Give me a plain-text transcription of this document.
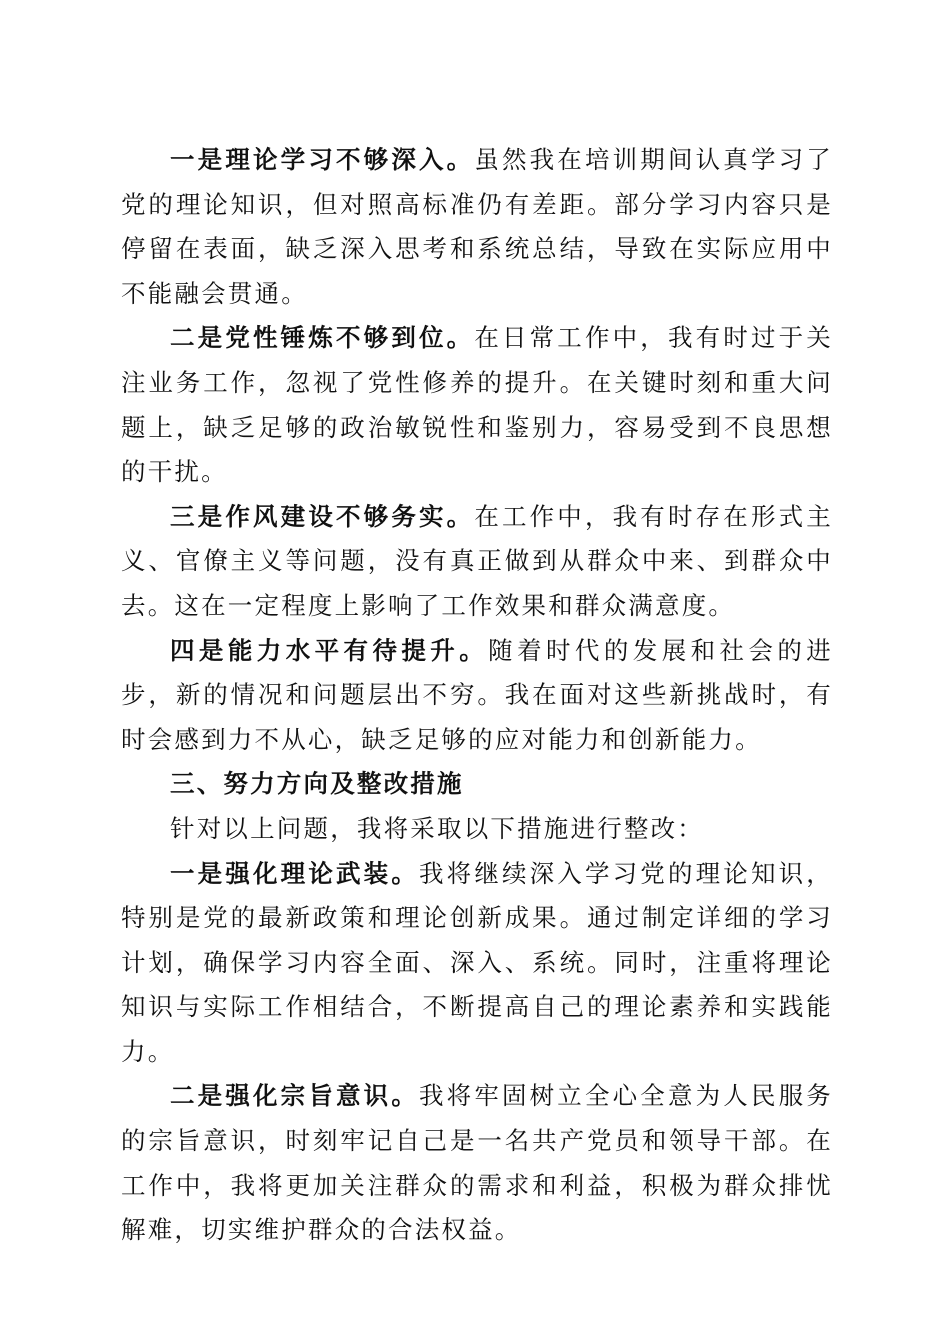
一是理论学习不够深入。虽然我在培训期间认真学习了党的理论知识，但对照高标准仍有差距。部分学习内容只是停留在表面，缺乏深入思考和系统总结，导致在实际应用中不能融会贯通。

二是党性锤炼不够到位。在日常工作中，我有时过于关注业务工作，忽视了党性修养的提升。在关键时刻和重大问题上，缺乏足够的政治敏锐性和鉴别力，容易受到不良思想的干扰。

三是作风建设不够务实。在工作中，我有时存在形式主义、官僚主义等问题，没有真正做到从群众中来、到群众中去。这在一定程度上影响了工作效果和群众满意度。

四是能力水平有待提升。随着时代的发展和社会的进步，新的情况和问题层出不穷。我在面对这些新挑战时，有时会感到力不从心，缺乏足够的应对能力和创新能力。

三、努力方向及整改措施

针对以上问题，我将采取以下措施进行整改：

一是强化理论武装。我将继续深入学习党的理论知识，特别是党的最新政策和理论创新成果。通过制定详细的学习计划，确保学习内容全面、深入、系统。同时，注重将理论知识与实际工作相结合，不断提高自己的理论素养和实践能力。

二是强化宗旨意识。我将牢固树立全心全意为人民服务的宗旨意识，时刻牢记自己是一名共产党员和领导干部。在工作中，我将更加关注群众的需求和利益，积极为群众排忧解难，切实维护群众的合法权益。
